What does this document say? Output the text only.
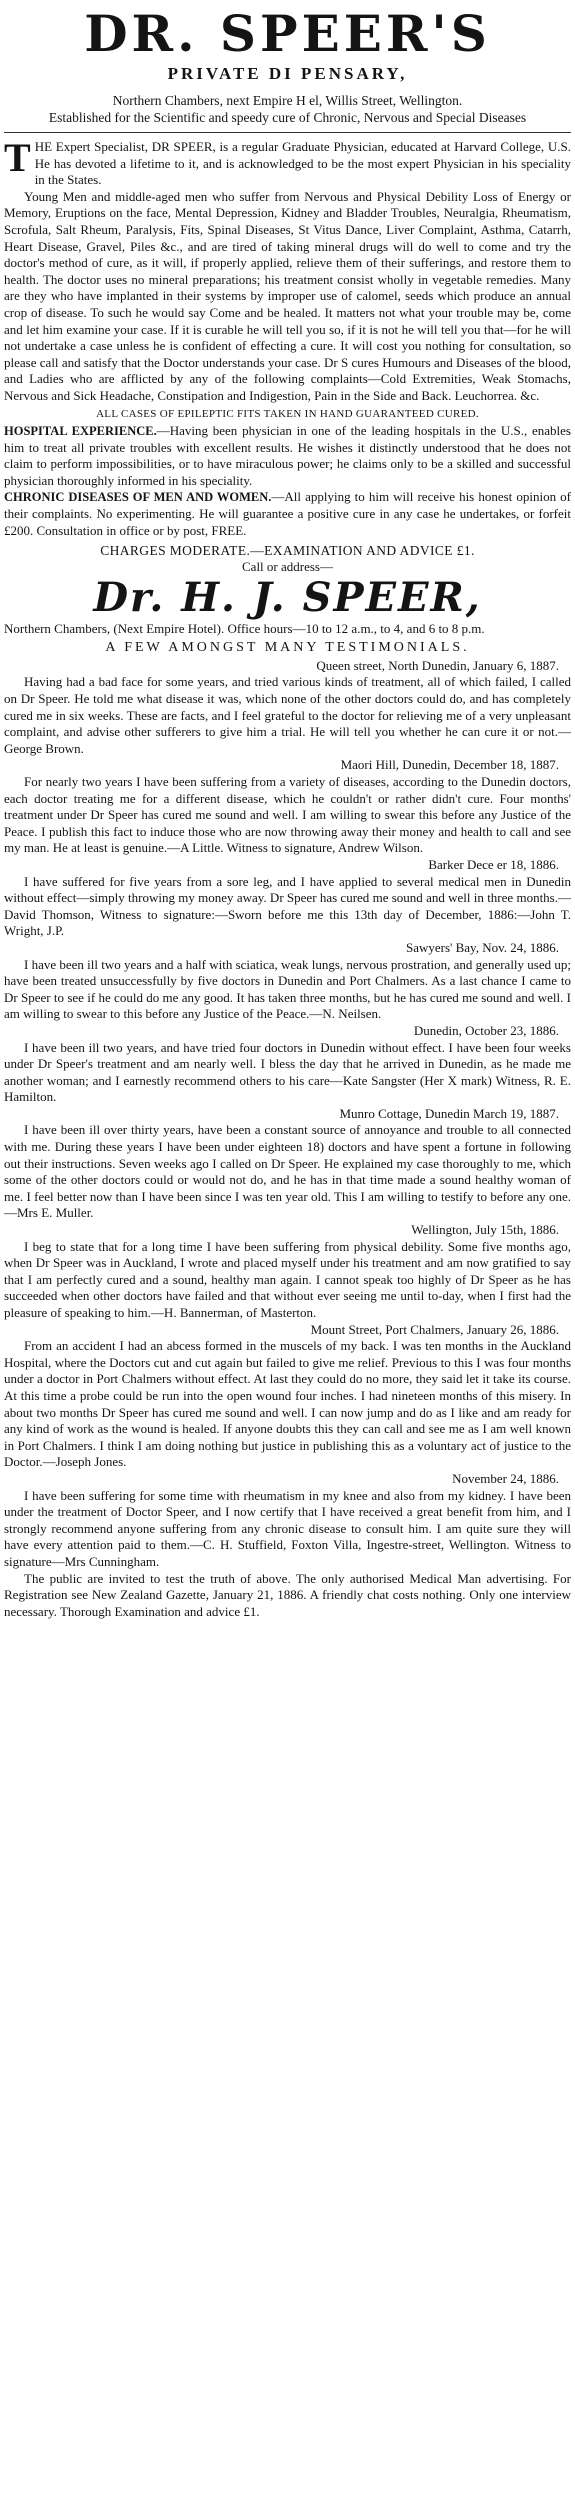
DR. SPEER'S
PRIVATE DI PENSARY,
Northern Chambers, next Empire H el, Willis Street, Wellington.
Established for the Scientific and speedy cure of Chronic, Nervous and Special Diseases

THE Expert Specialist, DR SPEER, is a regular Graduate Physician, educated at Harvard College, U.S. He has devoted a lifetime to it, and is acknowledged to be the most expert Physician in his speciality in the States.

Young Men and middle-aged men who suffer from Nervous and Physical Debility Loss of Energy or Memory, Eruptions on the face, Mental Depression, Kidney and Bladder Troubles, Neuralgia, Rheumatism, Scrofula, Salt Rheum, Paralysis, Fits, Spinal Diseases, St Vitus Dance, Liver Complaint, Asthma, Catarrh, Heart Disease, Gravel, Piles &c., and are tired of taking mineral drugs will do well to come and try the doctor's method of cure, as it will, if properly applied, relieve them of their sufferings, and restore them to health. The doctor uses no mineral preparations; his treatment consist wholly in vegetable remedies. Many are they who have implanted in their systems by improper use of calomel, seeds which produce an annual crop of disease. To such he would say Come and be healed. It matters not what your trouble may be, come and let him examine your case. If it is curable he will tell you so, if it is not he will tell you that—for he will not undertake a case unless he is confident of effecting a cure. It will cost you nothing for consultation, so please call and satisfy that the Doctor understands your case. Dr S cures Humours and Diseases of the blood, and Ladies who are afflicted by any of the following complaints—Cold Extremities, Weak Stomachs, Nervous and Sick Headache, Constipation and Indigestion, Pain in the Side and Back. Leuchorrea. &c.

ALL CASES OF EPILEPTIC FITS TAKEN IN HAND GUARANTEED CURED.

HOSPITAL EXPERIENCE.—Having been physician in one of the leading hospitals in the U.S., enables him to treat all private troubles with excellent results. He wishes it distinctly understood that he does not claim to perform impossibilities, or to have miraculous power; he claims only to be a skilled and successful physician thoroughly informed in his speciality.

CHRONIC DISEASES OF MEN AND WOMEN.—All applying to him will receive his honest opinion of their complaints. No experimenting. He will guarantee a positive cure in any case he undertakes, or forfeit £200. Consultation in office or by post, FREE.

CHARGES MODERATE.—EXAMINATION AND ADVICE £1.
Call or address—
Dr. H. J. SPEER,
Northern Chambers, (Next Empire Hotel). Office hours—10 to 12 a.m., to 4, and 6 to 8 p.m.
A FEW AMONGST MANY TESTIMONIALS.
Queen street, North Dunedin, January 6, 1887.

Having had a bad face for some years, and tried various kinds of treatment, all of which failed, I called on Dr Speer. He told me what disease it was, which none of the other doctors could do, and has completely cured me in six weeks. These are facts, and I feel grateful to the doctor for relieving me of a very unpleasant complaint, and advise other sufferers to give him a trial. He will tell you whether he can cure it or not.—George Brown.

Maori Hill, Dunedin, December 18, 1887.

For nearly two years I have been suffering from a variety of diseases, according to the Dunedin doctors, each doctor treating me for a different disease, which he couldn't or rather didn't cure. Four months' treatment under Dr Speer has cured me sound and well. I am willing to swear this before any Justice of the Peace. I publish this fact to induce those who are now throwing away their money and health to call and see my man. He at least is genuine.—A Little. Witness to signature, Andrew Wilson.

Barker Dece er 18, 1886.

I have suffered for five years from a sore leg, and I have applied to several medical men in Dunedin without effect—simply throwing my money away. Dr Speer has cured me sound and well in three months.—David Thomson, Witness to signature:—Sworn before me this 13th day of December, 1886:—John T. Wright, J.P.

Sawyers' Bay, Nov. 24, 1886.

I have been ill two years and a half with sciatica, weak lungs, nervous prostration, and generally used up; have been treated unsuccessfully by five doctors in Dunedin and Port Chalmers. As a last chance I came to Dr Speer to see if he could do me any good. It has taken three months, but he has cured me sound and well. I am willing to swear to this before any Justice of the Peace.—N. Neilsen.

Dunedin, October 23, 1886.

I have been ill two years, and have tried four doctors in Dunedin without effect. I have been four weeks under Dr Speer's treatment and am nearly well. I bless the day that he arrived in Dunedin, as he made me another woman; and I earnestly recommend others to his care—Kate Sangster (Her X mark) Witness, R. E. Hamilton.

Munro Cottage, Dunedin March 19, 1887.

I have been ill over thirty years, have been a constant source of annoyance and trouble to all connected with me. During these years I have been under eighteen 18) doctors and have spent a fortune in following out their instructions. Seven weeks ago I called on Dr Speer. He explained my case thoroughly to me, which some of the other doctors could or would not do, and he has in that time made a sound healthy woman of me. I feel better now than I have been since I was ten year old. This I am willing to testify to before any one.—Mrs E. Muller.

Wellington, July 15th, 1886.

I beg to state that for a long time I have been suffering from physical debility. Some five months ago, when Dr Speer was in Auckland, I wrote and placed myself under his treatment and am now gratified to say that I am perfectly cured and a sound, healthy man again. I cannot speak too highly of Dr Speer as he has succeeded when other doctors have failed and that without ever seeing me until to-day, when I first had the pleasure of speaking to him.—H. Bannerman, of Masterton.

Mount Street, Port Chalmers, January 26, 1886.

From an accident I had an abcess formed in the muscels of my back. I was ten months in the Auckland Hospital, where the Doctors cut and cut again but failed to give me relief. Previous to this I was four months under a doctor in Port Chalmers without effect. At last they could do no more, they said let it take its course. At this time a probe could be run into the open wound four inches. I had nineteen months of this misery. In about two months Dr Speer has cured me sound and well. I can now jump and do as I like and am ready for any kind of work as the wound is healed. If anyone doubts this they can call and see me as I am well known in Port Chalmers. I think I am doing nothing but justice in publishing this as a voluntary act of justice to the Doctor.—Joseph Jones.

November 24, 1886.

I have been suffering for some time with rheumatism in my knee and also from my kidney. I have been under the treatment of Doctor Speer, and I now certify that I have received a great benefit from him, and I strongly recommend anyone suffering from any chronic disease to consult him. I am quite sure they will have every attention paid to them.—C. H. Stuffield, Foxton Villa, Ingestre-street, Wellington. Witness to signature—Mrs Cunningham.

The public are invited to test the truth of above. The only authorised Medical Man advertising. For Registration see New Zealand Gazette, January 21, 1886. A friendly chat costs nothing. Only one interview necessary. Thorough Examination and advice £1.
